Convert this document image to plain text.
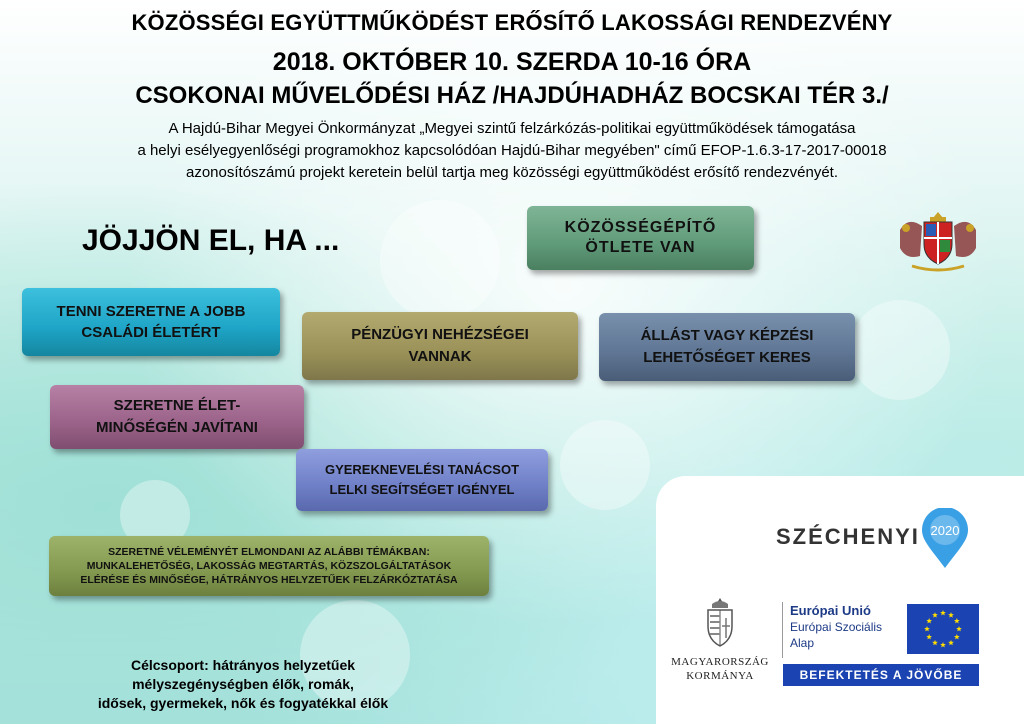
KÖZÖSSÉGI EGYÜTTMŰKÖDÉST ERŐSÍTŐ LAKOSSÁGI RENDEZVÉNY
2018. OKTÓBER 10. SZERDA 10-16 ÓRA
CSOKONAI MŰVELŐDÉSI HÁZ /HAJDÚHADHÁZ BOCSKAI TÉR 3./
A Hajdú-Bihar Megyei Önkormányzat „Megyei szintű felzárkózás-politikai együttműködések támogatása
a helyi esélyegyenlőségi programokhoz kapcsolódóan Hajdú-Bihar megyében" című EFOP-1.6.3-17-2017-00018
azonosítószámú projekt keretein belül tartja meg közösségi együttműködést erősítő rendezvényét.
JÖJJÖN EL, HA ...	KÖZÖSSÉGÉPÍTŐ
ÖTLETE VAN
TENNI SZERETNE A JOBB
CSALÁDI ÉLETÉRT	PÉNZÜGYI NEHÉZSÉGEI
VANNAK
ÁLLÁST VAGY KÉPZÉSI
LEHETŐSÉGET KERES
SZERETNE ÉLET-
MINŐSÉGÉN JAVÍTANI
GYEREKNEVELÉSI TANÁCSOT
LELKI SEGÍTSÉGET IGÉNYEL
SZERETNÉ VÉLEMÉNYÉT ELMONDANI AZ ALÁBBI TÉMÁKBAN:
MUNKALEHETŐSÉG, LAKOSSÁG MEGTARTÁS, KÖZSZOLGÁLTATÁSOK
ELÉRÉSE ÉS MINŐSÉGE, HÁTRÁNYOS HELYZETŰEK FELZÁRKÓZTATÁSA
Célcsoport: hátrányos helyzetűek
mélyszegénységben élők, romák,
idősek, gyermekek, nők és fogyatékkal élők
SZÉCHENYI 2020
MAGYARORSZÁG
KORMÁNYA
Európai Unió
Európai Szociális
Alap
BEFEKTETÉS A JÖVŐBE
